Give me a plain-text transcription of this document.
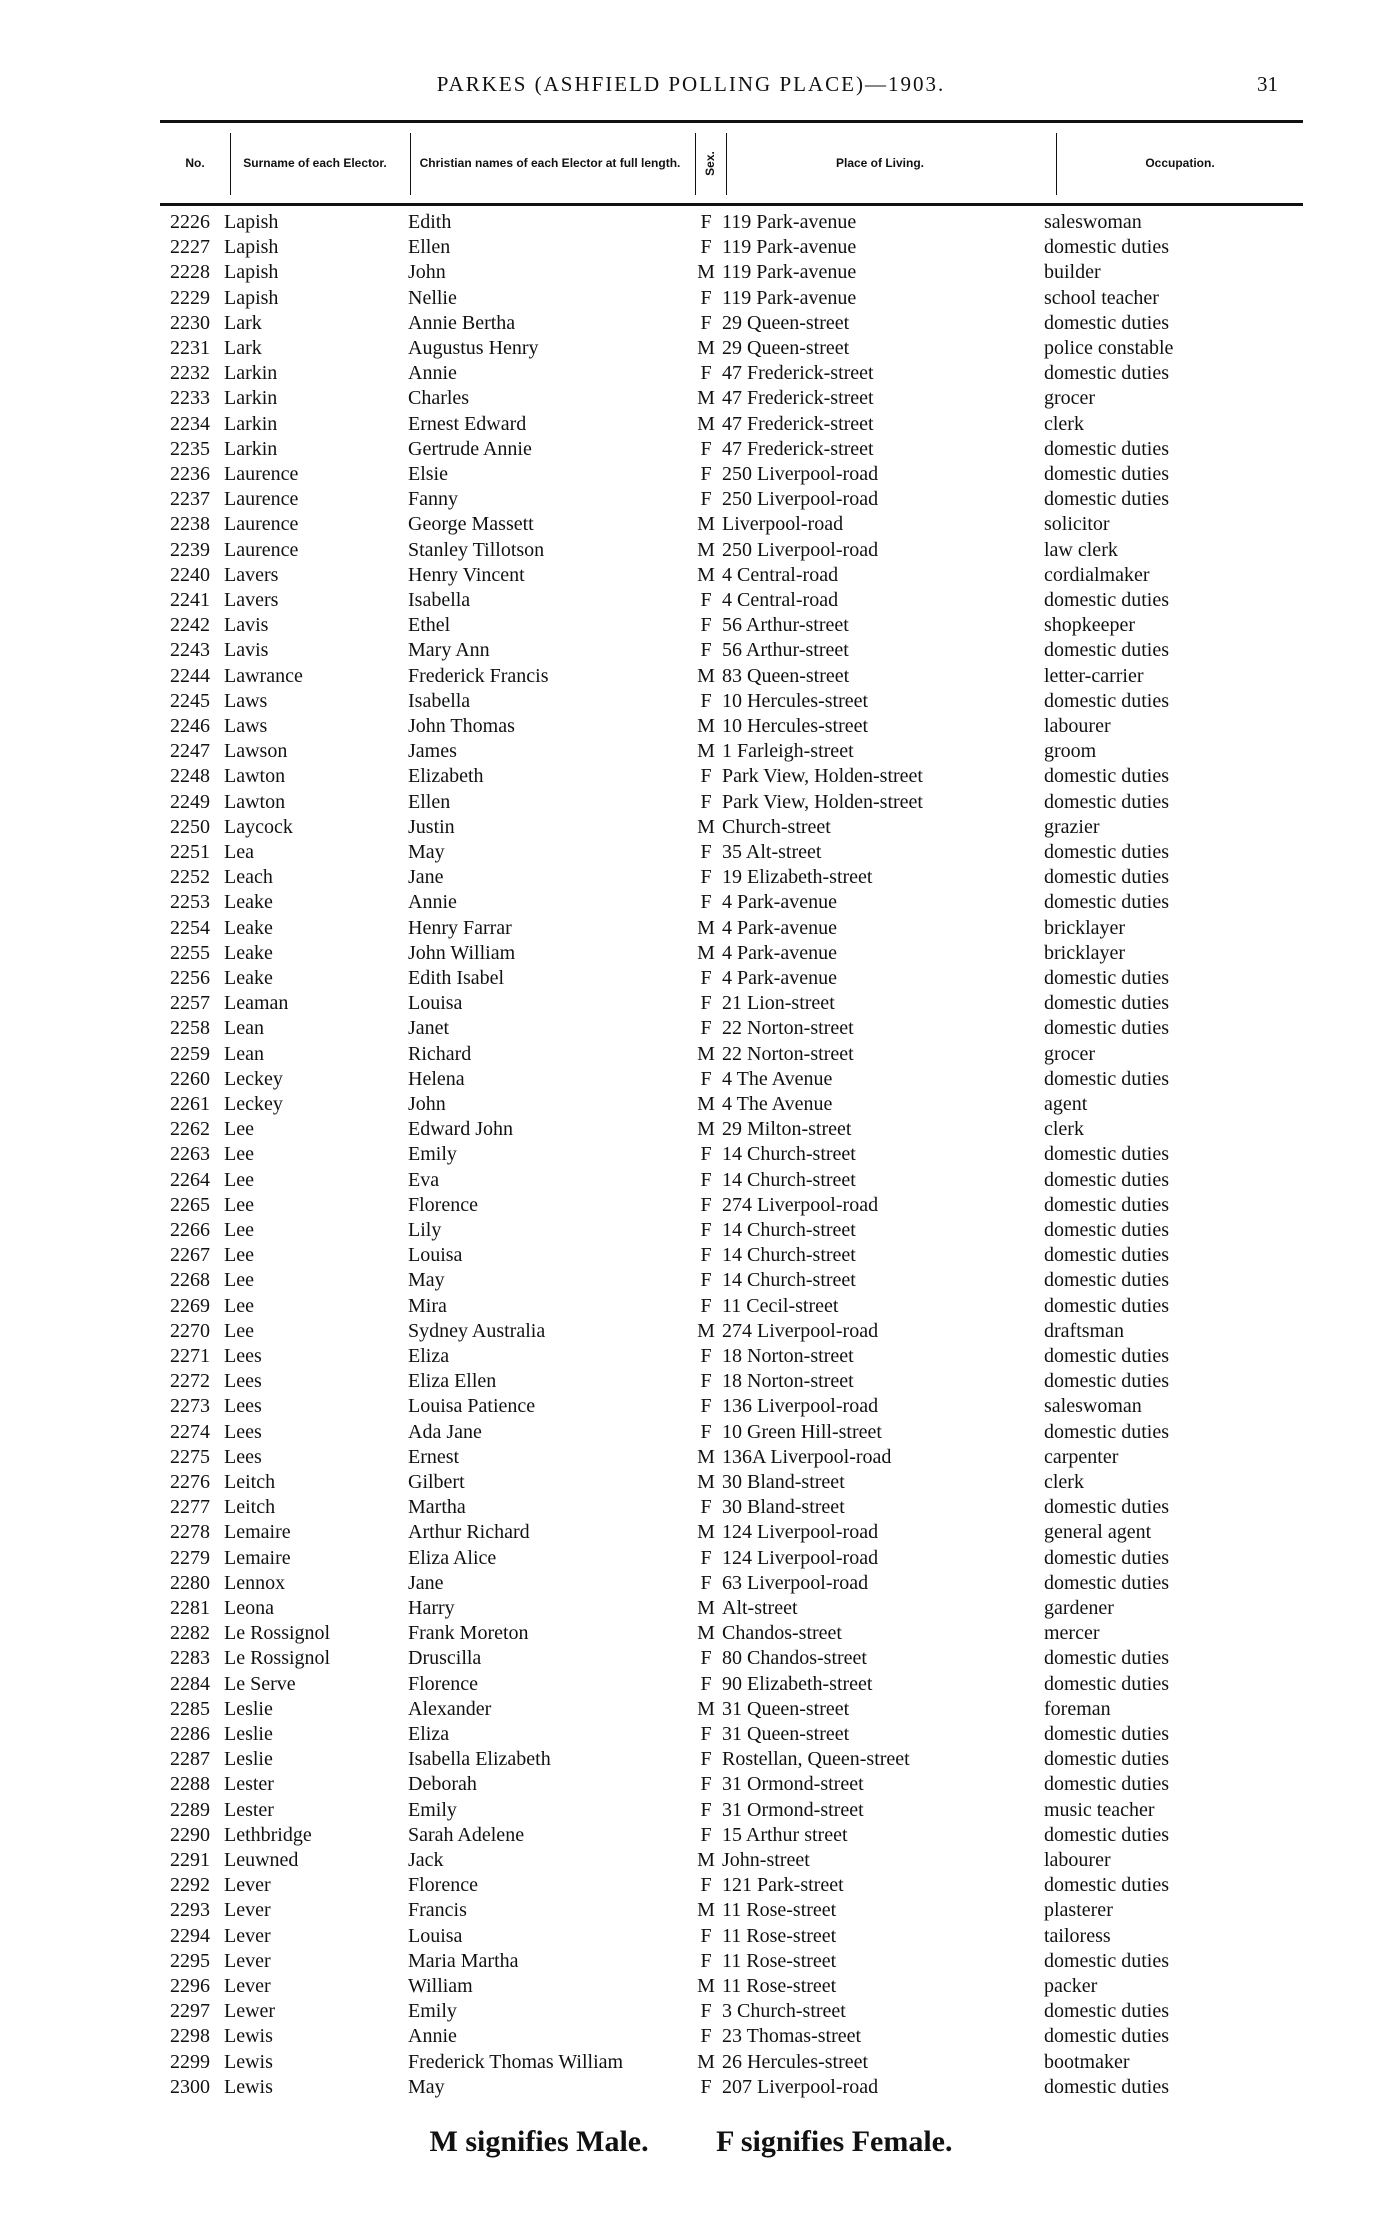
PARKES (ASHFIELD POLLING PLACE)—1903.	31
No.	Surname of each Elector.	Christian names of each Elector at full length.	Sex.	Place of Living.	Occupation.
2226 Lapish	Edith	F 119 Park-avenue	saleswoman
2227 Lapish	Ellen	F 119 Park-avenue	domestic duties
2228 Lapish	John	M 119 Park-avenue	builder
2229 Lapish	Nellie	F 119 Park-avenue	school teacher
2230 Lark	Annie Bertha	F 29 Queen-street	domestic duties
2231 Lark	Augustus Henry	M 29 Queen-street	police constable
2232 Larkin	Annie	F 47 Frederick-street	domestic duties
2233 Larkin	Charles	M 47 Frederick-street	grocer
2234 Larkin	Ernest Edward	M 47 Frederick-street	clerk
2235 Larkin	Gertrude Annie	F 47 Frederick-street	domestic duties
2236 Laurence	Elsie	F 250 Liverpool-road	domestic duties
2237 Laurence	Fanny	F 250 Liverpool-road	domestic duties
2238 Laurence	George Massett	M Liverpool-road	solicitor
2239 Laurence	Stanley Tillotson	M 250 Liverpool-road	law clerk
2240 Lavers	Henry Vincent	M 4 Central-road	cordialmaker
2241 Lavers	Isabella	F 4 Central-road	domestic duties
2242 Lavis	Ethel	F 56 Arthur-street	shopkeeper
2243 Lavis	Mary Ann	F 56 Arthur-street	domestic duties
2244 Lawrance	Frederick Francis	M 83 Queen-street	letter-carrier
2245 Laws	Isabella	F 10 Hercules-street	domestic duties
2246 Laws	John Thomas	M 10 Hercules-street	labourer
2247 Lawson	James	M 1 Farleigh-street	groom
2248 Lawton	Elizabeth	F Park View, Holden-street	domestic duties
2249 Lawton	Ellen	F Park View, Holden-street	domestic duties
2250 Laycock	Justin	M Church-street	grazier
2251 Lea	May	F 35 Alt-street	domestic duties
2252 Leach	Jane	F 19 Elizabeth-street	domestic duties
2253 Leake	Annie	F 4 Park-avenue	domestic duties
2254 Leake	Henry Farrar	M 4 Park-avenue	bricklayer
2255 Leake	John William	M 4 Park-avenue	bricklayer
2256 Leake	Edith Isabel	F 4 Park-avenue	domestic duties
2257 Leaman	Louisa	F 21 Lion-street	domestic duties
2258 Lean	Janet	F 22 Norton-street	domestic duties
2259 Lean	Richard	M 22 Norton-street	grocer
2260 Leckey	Helena	F 4 The Avenue	domestic duties
2261 Leckey	John	M 4 The Avenue	agent
2262 Lee	Edward John	M 29 Milton-street	clerk
2263 Lee	Emily	F 14 Church-street	domestic duties
2264 Lee	Eva	F 14 Church-street	domestic duties
2265 Lee	Florence	F 274 Liverpool-road	domestic duties
2266 Lee	Lily	F 14 Church-street	domestic duties
2267 Lee	Louisa	F 14 Church-street	domestic duties
2268 Lee	May	F 14 Church-street	domestic duties
2269 Lee	Mira	F 11 Cecil-street	domestic duties
2270 Lee	Sydney Australia	M 274 Liverpool-road	draftsman
2271 Lees	Eliza	F 18 Norton-street	domestic duties
2272 Lees	Eliza Ellen	F 18 Norton-street	domestic duties
2273 Lees	Louisa Patience	F 136 Liverpool-road	saleswoman
2274 Lees	Ada Jane	F 10 Green Hill-street	domestic duties
2275 Lees	Ernest	M 136A Liverpool-road	carpenter
2276 Leitch	Gilbert	M 30 Bland-street	clerk
2277 Leitch	Martha	F 30 Bland-street	domestic duties
2278 Lemaire	Arthur Richard	M 124 Liverpool-road	general agent
2279 Lemaire	Eliza Alice	F 124 Liverpool-road	domestic duties
2280 Lennox	Jane	F 63 Liverpool-road	domestic duties
2281 Leona	Harry	M Alt-street	gardener
2282 Le Rossignol	Frank Moreton	M Chandos-street	mercer
2283 Le Rossignol	Druscilla	F 80 Chandos-street	domestic duties
2284 Le Serve	Florence	F 90 Elizabeth-street	domestic duties
2285 Leslie	Alexander	M 31 Queen-street	foreman
2286 Leslie	Eliza	F 31 Queen-street	domestic duties
2287 Leslie	Isabella Elizabeth	F Rostellan, Queen-street	domestic duties
2288 Lester	Deborah	F 31 Ormond-street	domestic duties
2289 Lester	Emily	F 31 Ormond-street	music teacher
2290 Lethbridge	Sarah Adelene	F 15 Arthur street	domestic duties
2291 Leuwned	Jack	M John-street	labourer
2292 Lever	Florence	F 121 Park-street	domestic duties
2293 Lever	Francis	M 11 Rose-street	plasterer
2294 Lever	Louisa	F 11 Rose-street	tailoress
2295 Lever	Maria Martha	F 11 Rose-street	domestic duties
2296 Lever	William	M 11 Rose-street	packer
2297 Lewer	Emily	F 3 Church-street	domestic duties
2298 Lewis	Annie	F 23 Thomas-street	domestic duties
2299 Lewis	Frederick Thomas William	M 26 Hercules-street	bootmaker
2300 Lewis	May	F 207 Liverpool-road	domestic duties
M signifies Male. F signifies Female.
